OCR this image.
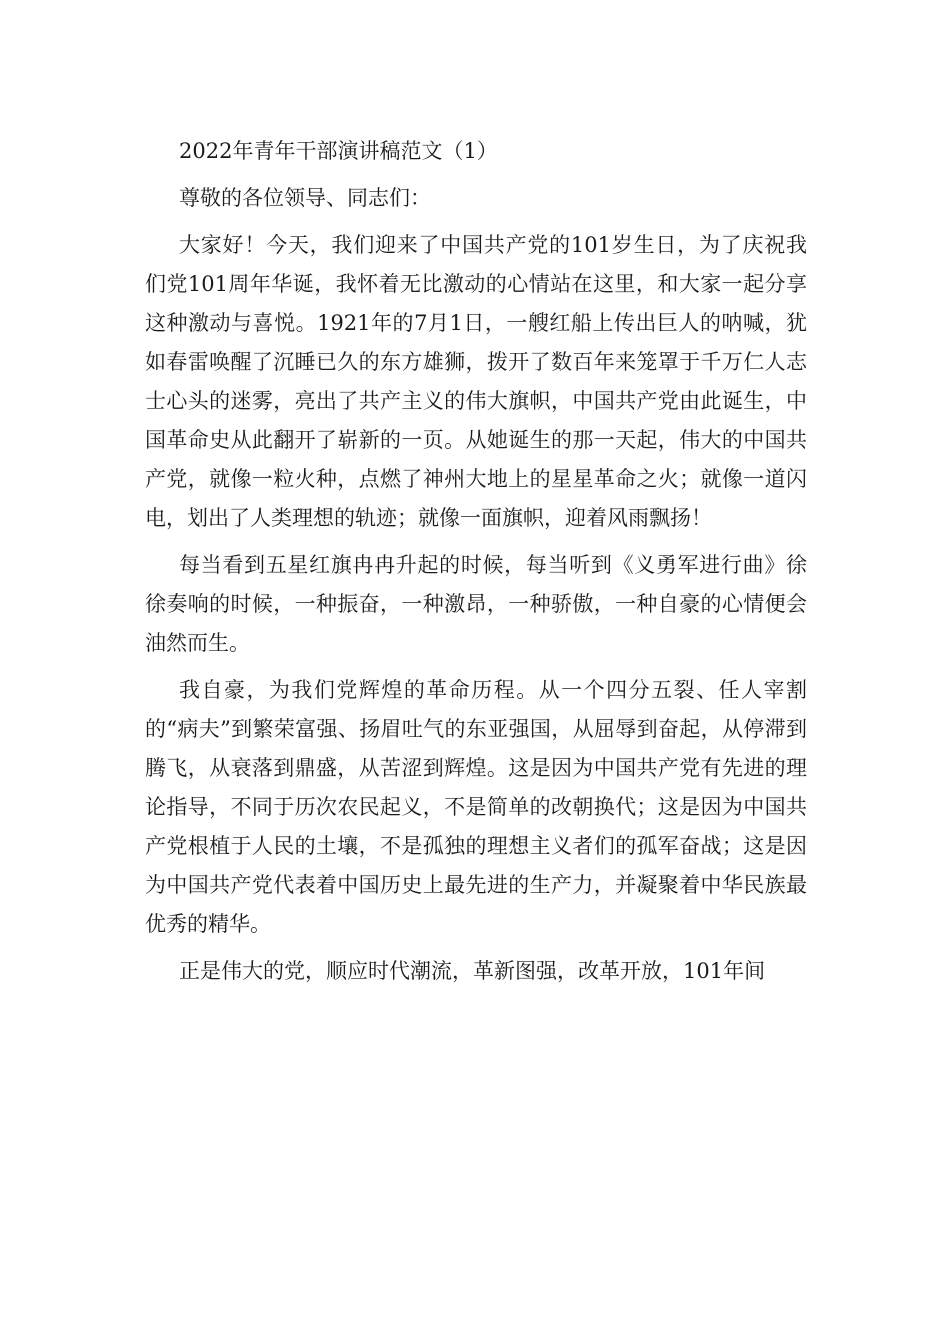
2022年青年干部演讲稿范文（1）

尊敬的各位领导、同志们：

大家好！今天，我们迎来了中国共产党的101岁生日，为了庆祝我们党101周年华诞，我怀着无比激动的心情站在这里，和大家一起分享这种激动与喜悦。1921年的7月1日，一艘红船上传出巨人的呐喊，犹如春雷唤醒了沉睡已久的东方雄狮，拨开了数百年来笼罩于千万仁人志士心头的迷雾，亮出了共产主义的伟大旗帜，中国共产党由此诞生，中国革命史从此翻开了崭新的一页。从她诞生的那一天起，伟大的中国共产党，就像一粒火种，点燃了神州大地上的星星革命之火；就像一道闪电，划出了人类理想的轨迹；就像一面旗帜，迎着风雨飘扬！

每当看到五星红旗冉冉升起的时候，每当听到《义勇军进行曲》徐徐奏响的时候，一种振奋，一种激昂，一种骄傲，一种自豪的心情便会油然而生。

我自豪，为我们党辉煌的革命历程。从一个四分五裂、任人宰割的“病夫”到繁荣富强、扬眉吐气的东亚强国，从屈辱到奋起，从停滞到腾飞，从衰落到鼎盛，从苦涩到辉煌。这是因为中国共产党有先进的理论指导，不同于历次农民起义，不是简单的改朝换代；这是因为中国共产党根植于人民的土壤，不是孤独的理想主义者们的孤军奋战；这是因为中国共产党代表着中国历史上最先进的生产力，并凝聚着中华民族最优秀的精华。

正是伟大的党，顺应时代潮流，革新图强，改革开放，101年间
